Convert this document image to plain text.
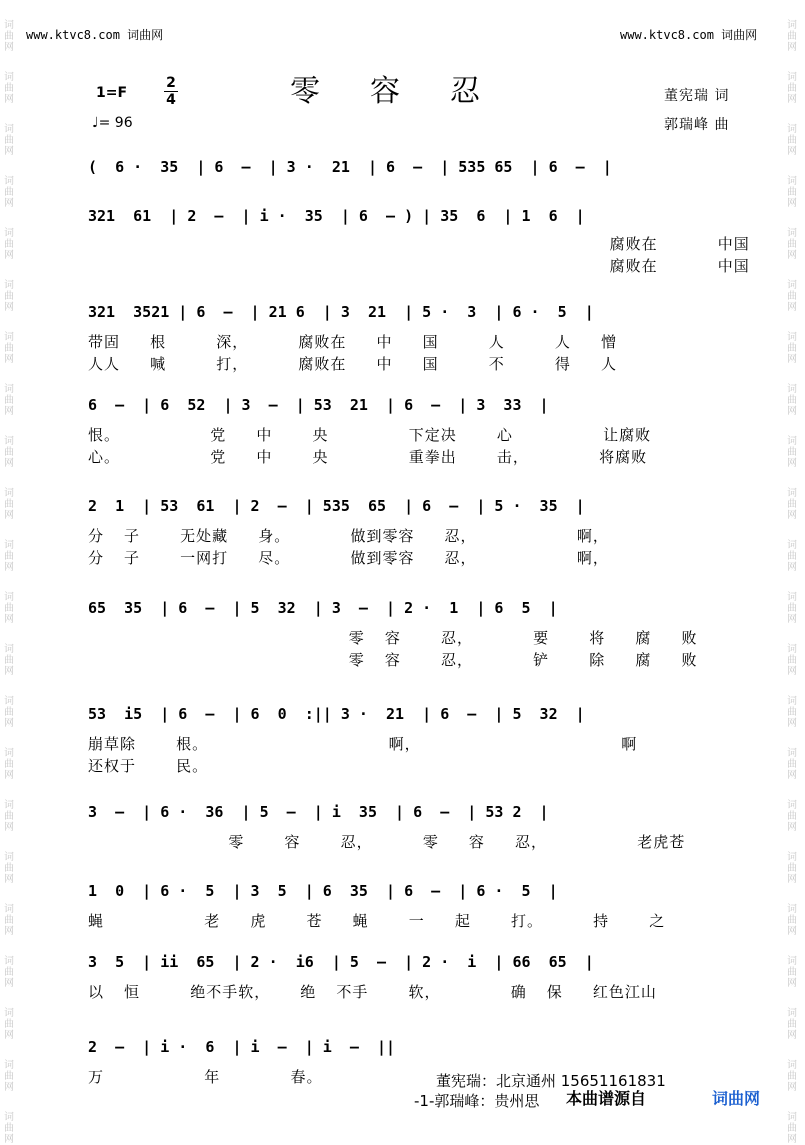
词
曲
网
词
曲
网
词
曲
网
词
曲
网
词
曲
网
词
曲
网
词
曲
网
词
曲
网
词
曲
网
词
曲
网
词
曲
网
词
曲
网
词
曲
网
词
曲
网
词
曲
网
词
曲
网
词
曲
网
词
曲
网
词
曲
网
词
曲
网
词
曲
网
词
曲
网
词
曲
网
词
曲
网
词
曲
网
词
曲
网
词
曲
网
词
曲
网
词
曲
网
词
曲
网
词
曲
网
词
曲
网
词
曲
网
词
曲
网
词
曲
网
词
曲
网
词
曲
网
词
曲
网
词
曲
网
词
曲
网
词
曲
网
词
曲
网
词
曲
网
词
曲
网
www.ktvc8.com 词曲网	www.ktvc8.com 词曲网
零容忍
1=F
2
4
♩= 96
董宪瑞 词
郭瑞峰 曲
(  6 ·  35  | 6  —  | 3 ·  21  | 6  —  | 535 65  | 6  —  |
321  61  | 2  —  | i ·  35  | 6  — ) | 35  6  | 1  6  |
腐败在      中国
腐败在      中国
321  3521 | 6  —  | 21 6  | 3  21  | 5 ·  3  | 6 ·  5  |
带固   根     深，     腐败在   中   国     人     人   憎
人人   喊     打，     腐败在   中   国     不     得   人
6  —  | 6  52  | 3  —  | 53  21  | 6  —  | 3  33  |
恨。         党   中    央        下定决    心         让腐败
心。         党   中    央        重拳出    击，       将腐败
2  1  | 53  61  | 2  —  | 535  65  | 6  —  | 5 ·  35  |
分  子    无处藏   身。      做到零容   忍，          啊，
分  子    一网打   尽。      做到零容   忍，          啊，
65  35  | 6  —  | 5  32  | 3  —  | 2 ·  1  | 6  5  |
零  容    忍，      要    将   腐   败
零  容    忍，      铲    除   腐   败
53  i5  | 6  —  | 6  0  :|| 3 ·  21  | 6  —  | 5  32  |
崩草除    根。                  啊，                    啊
还权于    民。
3  —  | 6 ·  36  | 5  —  | i  35  | 6  —  | 53 2  |
零    容    忍，     零   容   忍，         老虎苍
1  0  | 6 ·  5  | 3  5  | 6  35  | 6  —  | 6 ·  5  |
蝇          老   虎    苍   蝇    一   起    打。     持    之
3  5  | ii  65  | 2 ·  i6  | 5  —  | 2 ·  i  | 66  65  |
以  恒     绝不手软，   绝  不手    软，       确  保   红色江山
2  —  | i ·  6  | i  —  | i  —  ||
万          年       春。	董宪瑞：北京通州 15651161831
-1-郭瑞峰：贵州思 本曲谱源自	词曲网
